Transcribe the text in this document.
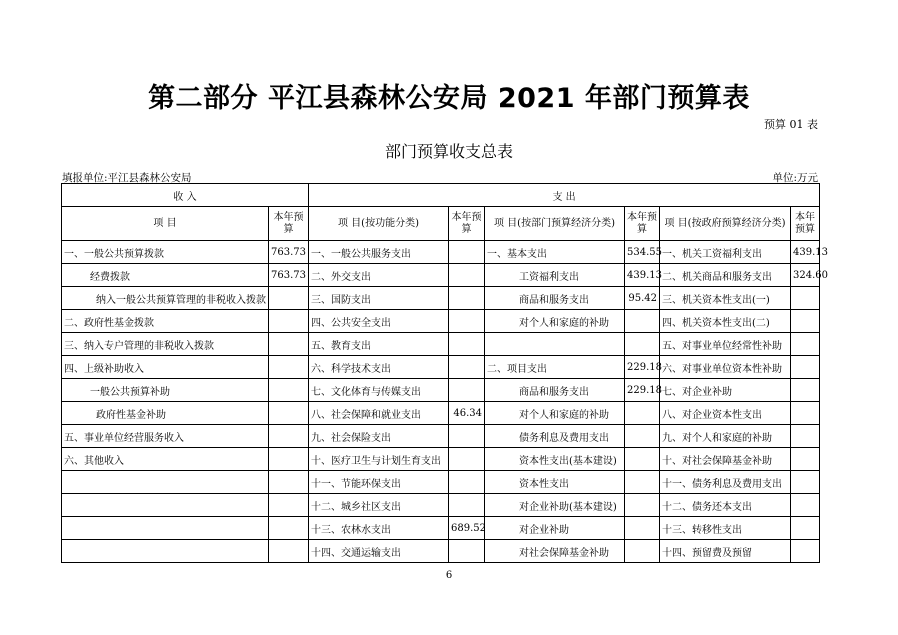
第二部分 平江县森林公安局 2021 年部门预算表
预算 01 表
部门预算收支总表
填报单位:平江县森林公安局	单位:万元
收 入		支 出					
项 目	本年预算	项 目(按功能分类)	本年预算	项 目(按部门预算经济分类)	本年预算	项 目(按政府预算经济分类)	本年预算
一、一般公共预算拨款	763.73	一、一般公共服务支出		一、基本支出	534.55	一、机关工资福利支出	439.13
经费拨款	763.73	二、外交支出		工资福利支出	439.13	二、机关商品和服务支出	324.60
纳入一般公共预算管理的非税收入拨款		三、国防支出		商品和服务支出	95.42	三、机关资本性支出(一)	
二、政府性基金拨款		四、公共安全支出		对个人和家庭的补助		四、机关资本性支出(二)	
三、纳入专户管理的非税收入拨款		五、教育支出				五、对事业单位经常性补助	
四、上级补助收入		六、科学技术支出		二、项目支出	229.18	六、对事业单位资本性补助	
一般公共预算补助		七、文化体育与传媒支出		商品和服务支出	229.18	七、对企业补助	
政府性基金补助		八、社会保障和就业支出	46.34	对个人和家庭的补助		八、对企业资本性支出	
五、事业单位经营服务收入		九、社会保险支出		债务利息及费用支出		九、对个人和家庭的补助	
六、其他收入		十、医疗卫生与计划生育支出		资本性支出(基本建设)		十、对社会保障基金补助	
		十一、节能环保支出		资本性支出		十一、债务利息及费用支出	
		十二、城乡社区支出		对企业补助(基本建设)		十二、债务还本支出	
		十三、农林水支出	689.52	对企业补助		十三、转移性支出	
		十四、交通运输支出		对社会保障基金补助		十四、预留费及预留	
6
